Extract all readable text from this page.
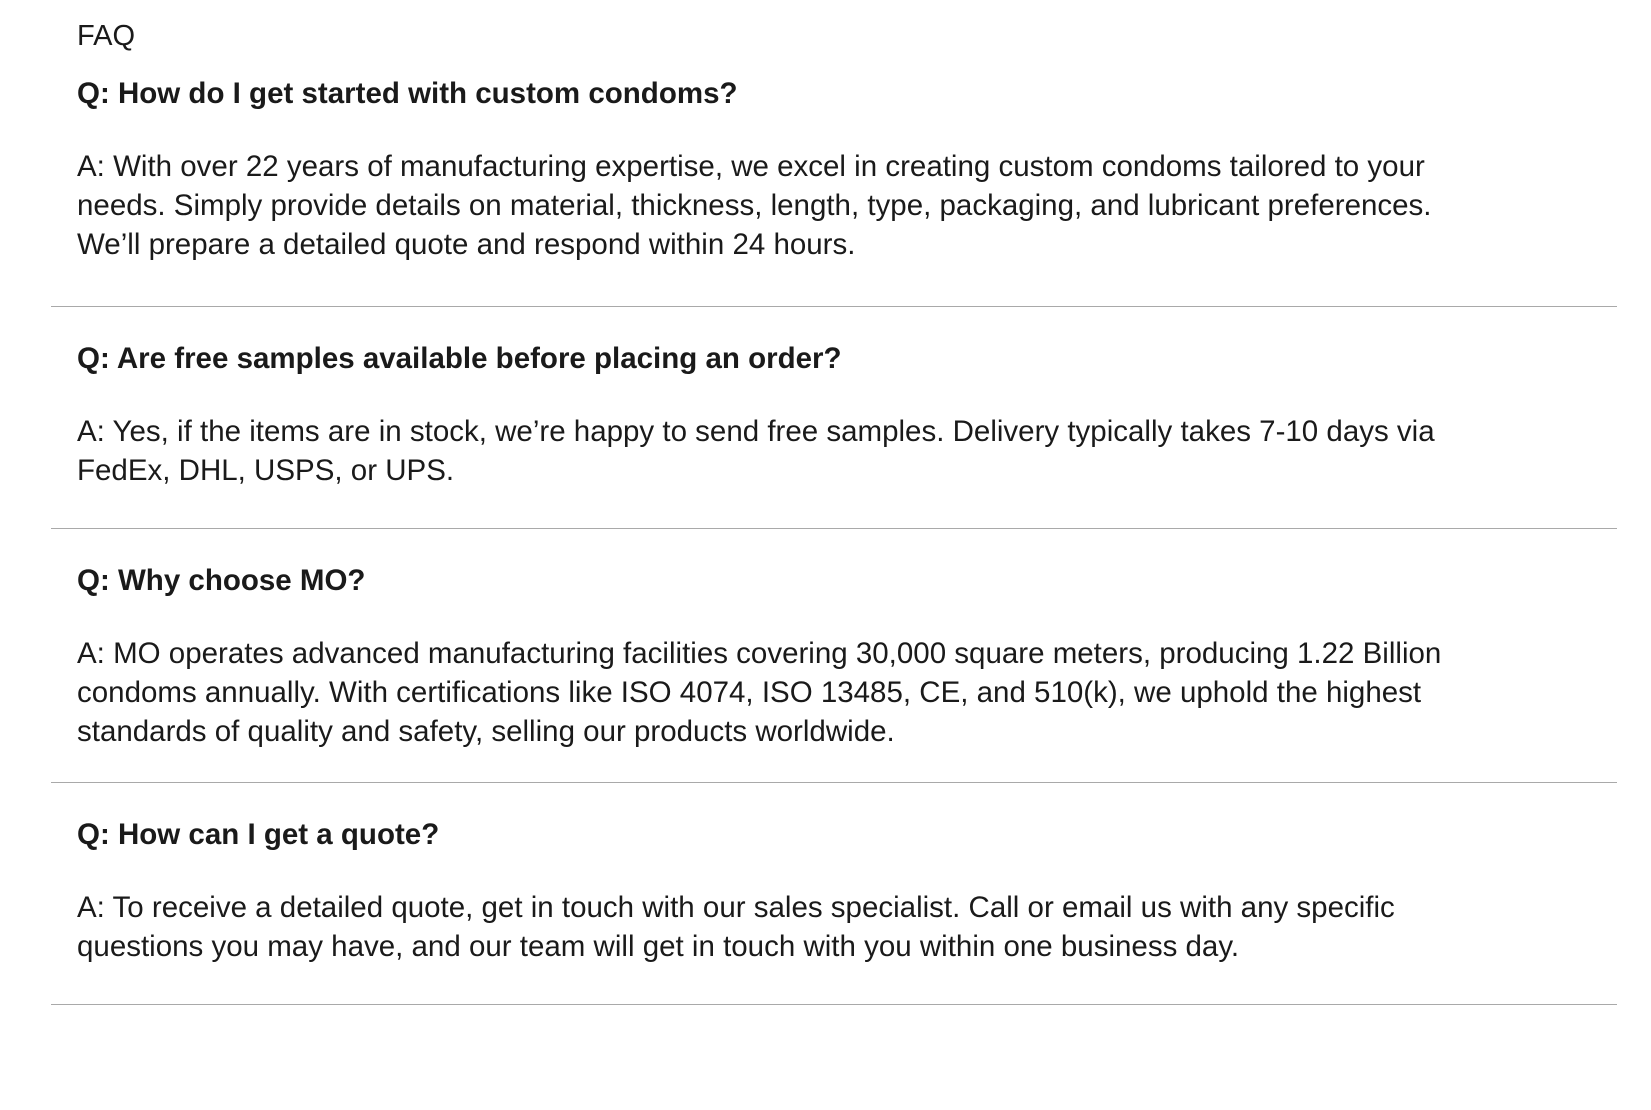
FAQ

Q: How do I get started with custom condoms?

A: With over 22 years of manufacturing expertise, we excel in creating custom condoms tailored to your needs. Simply provide details on material, thickness, length, type, packaging, and lubricant preferences. We’ll prepare a detailed quote and respond within 24 hours.

Q: Are free samples available before placing an order?

A: Yes, if the items are in stock, we’re happy to send free samples. Delivery typically takes 7-10 days via FedEx, DHL, USPS, or UPS.

Q: Why choose MO?

A: MO operates advanced manufacturing facilities covering 30,000 square meters, producing 1.22 Billion condoms annually. With certifications like ISO 4074, ISO 13485, CE, and 510(k), we uphold the highest standards of quality and safety, selling our products worldwide.

Q: How can I get a quote?

A: To receive a detailed quote, get in touch with our sales specialist. Call or email us with any specific questions you may have, and our team will get in touch with you within one business day.
